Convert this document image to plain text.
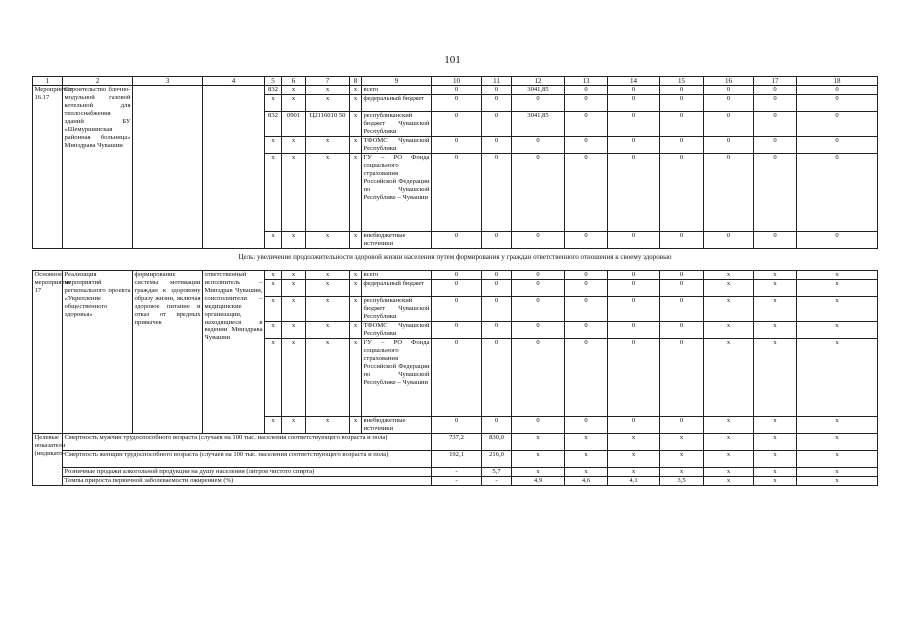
101
1	2	3	4	5	6	7	8	9	10	11	12	13	14	15	16	17	18
Мероприятие 16.17	Строительство блочно-модульной газовой котельной для теплоснабжения зданий БУ «Шемуршинская районная больница» Минздрава Чувашии			832	x	x	x	всего	0	0	3041,85	0	0	0	0	0	0
				x	x	x	x	федеральный бюджет	0	0	0	0	0	0	0	0	0
				832	0901	Ц2116010 50	x	республиканский бюджет Чувашской Республики	0	0	3041,85	0	0	0	0	0	0
				x	x	x	x	ТФОМС Чувашской Республики	0	0	0	0	0	0	0	0	0
				x	x	x	x	ГУ – РО Фонда социального страхования Российской Федерации по Чувашской Республике – Чувашии	0	0	0	0	0	0	0	0	0
				x	x	x	x	внебюджетные источники	0	0	0	0	0	0	0	0	0
Цель: увеличение продолжительности здоровой жизни населения путем формирования у граждан ответственного отношения к своему здоровью																	

Основное мероприятие 17	Реализация мероприятий регионального проекта «Укрепление общественного здоровья»	формирование системы мотивации граждан к здоровому образу жизни, включая здоровое питание и отказ от вредных привычек	ответственный исполнитель – Минздрав Чувашии, соисполнители – медицинские организации, находящиеся в ведении Минздрава Чувашии	x	x	x	x	всего	0	0	0	0	0	0	x	x	x
				x	x	x	x	федеральный бюджет	0	0	0	0	0	0	x	x	x
				x	x	x	x	республиканский бюджет Чувашской Республики	0	0	0	0	0	0	x	x	x
				x	x	x	x	ТФОМС Чувашской Республики	0	0	0	0	0	0	x	x	x
				x	x	x	x	ГУ – РО Фонда социального страхования Российской Федерации по Чувашской Республике – Чувашии	0	0	0	0	0	0	x	x	x
				x	x	x	x	внебюджетные источники	0	0	0	0	0	0	x	x	x
Целевые показатели (индикато-	Смертность мужчин трудоспособного возраста (случаев на 100 тыс. населения соответствующего возраста и пола)								737,2	830,0	x	x	x	x	x	x	x
	Смертность женщин трудоспособного возраста (случаев на 100 тыс. населения соответствующего возраста и пола)								192,1	216,0	x	x	x	x	x	x	x
	Розничные продажи алкогольной продукции на душу населения (литров чистого спирта)								-	5,7	x	x	x	x	x	x	x
	Темпы прироста первичной заболеваемости ожирением (%)								-	-	4,9	4,6	4,1	3,5	x	x	x
